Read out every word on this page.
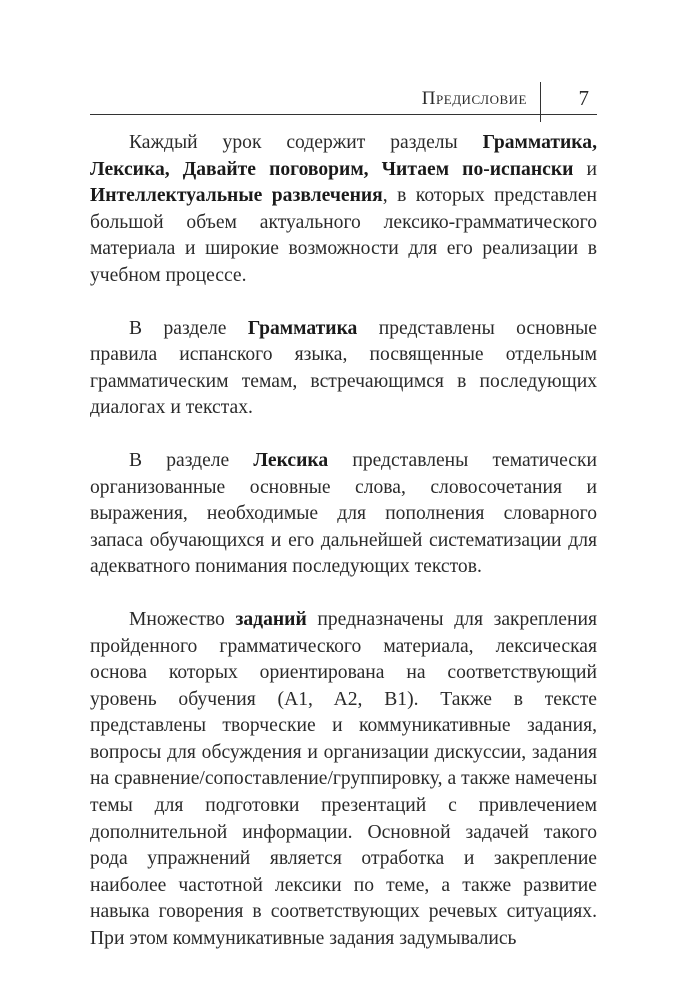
Предисловие 7

Каждый урок содержит разделы Грамматика, Лексика, Давайте поговорим, Читаем по-испански и Интеллектуальные развлечения, в которых представлен большой объем актуального лексико-грамматического материала и широкие возможности для его реализации в учебном процессе.

В разделе Грамматика представлены основные правила испанского языка, посвященные отдельным грамматическим темам, встречающимся в последующих диалогах и текстах.

В разделе Лексика представлены тематически организованные основные слова, словосочетания и выражения, необходимые для пополнения словарного запаса обучающихся и его дальнейшей систематизации для адекватного понимания последующих текстов.

Множество заданий предназначены для закрепления пройденного грамматического материала, лексическая основа которых ориентирована на соответствующий уровень обучения (A1, A2, B1). Также в тексте представлены творческие и коммуникативные задания, вопросы для обсуждения и организации дискуссии, задания на сравнение/сопоставление/группировку, а также намечены темы для подготовки презентаций с привлечением дополнительной информации. Основной задачей такого рода упражнений является отработка и закрепление наиболее частотной лексики по теме, а также развитие навыка говорения в соответствующих речевых ситуациях. При этом коммуникативные задания задумывались
